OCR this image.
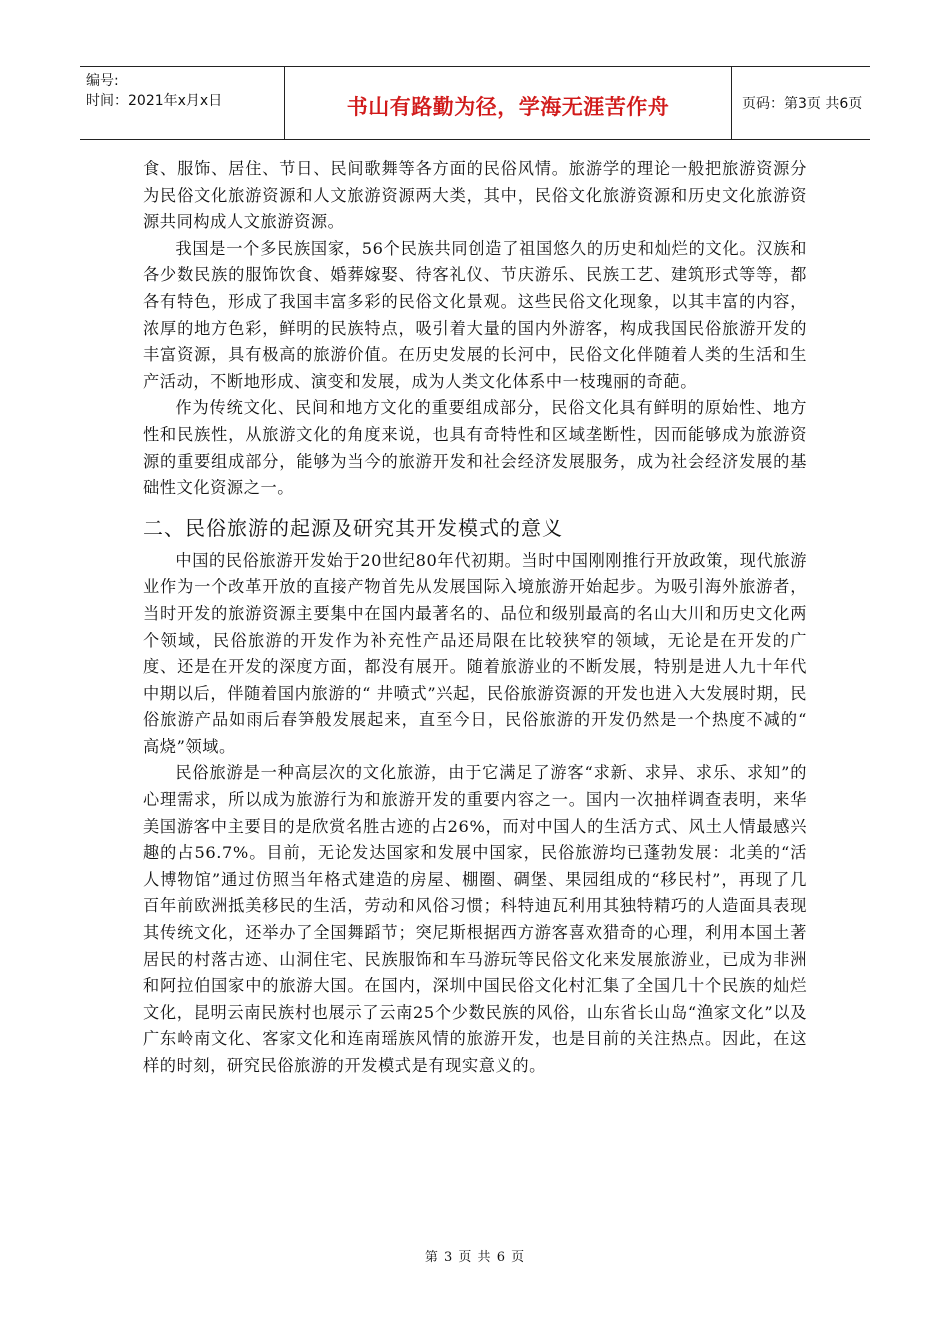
编号:
时间：2021年x月x日	书山有路勤为径，学海无涯苦作舟	页码：第3页 共6页

食、服饰、居住、节日、民间歌舞等各方面的民俗风情。旅游学的理论一般把旅游资源分为民俗文化旅游资源和人文旅游资源两大类，其中，民俗文化旅游资源和历史文化旅游资源共同构成人文旅游资源。

我国是一个多民族国家，56个民族共同创造了祖国悠久的历史和灿烂的文化。汉族和各少数民族的服饰饮食、婚葬嫁娶、待客礼仪、节庆游乐、民族工艺、建筑形式等等，都各有特色，形成了我国丰富多彩的民俗文化景观。这些民俗文化现象，以其丰富的内容，浓厚的地方色彩，鲜明的民族特点，吸引着大量的国内外游客，构成我国民俗旅游开发的丰富资源，具有极高的旅游价值。在历史发展的长河中，民俗文化伴随着人类的生活和生产活动，不断地形成、演变和发展，成为人类文化体系中一枝瑰丽的奇葩。

作为传统文化、民间和地方文化的重要组成部分，民俗文化具有鲜明的原始性、地方性和民族性，从旅游文化的角度来说，也具有奇特性和区域垄断性，因而能够成为旅游资源的重要组成部分，能够为当今的旅游开发和社会经济发展服务，成为社会经济发展的基础性文化资源之一。

二、民俗旅游的起源及研究其开发模式的意义

中国的民俗旅游开发始于20世纪80年代初期。当时中国刚刚推行开放政策，现代旅游业作为一个改革开放的直接产物首先从发展国际入境旅游开始起步。为吸引海外旅游者，当时开发的旅游资源主要集中在国内最著名的、品位和级别最高的名山大川和历史文化两个领域，民俗旅游的开发作为补充性产品还局限在比较狭窄的领域，无论是在开发的广度、还是在开发的深度方面，都没有展开。随着旅游业的不断发展，特别是进人九十年代中期以后，伴随着国内旅游的“ 井喷式”兴起，民俗旅游资源的开发也进入大发展时期，民俗旅游产品如雨后春笋般发展起来，直至今日，民俗旅游的开发仍然是一个热度不减的“ 高烧”领域。

民俗旅游是一种高层次的文化旅游，由于它满足了游客“求新、求异、求乐、求知”的心理需求，所以成为旅游行为和旅游开发的重要内容之一。国内一次抽样调查表明，来华美国游客中主要目的是欣赏名胜古迹的占26%，而对中国人的生活方式、风土人情最感兴趣的占56.7%。目前，无论发达国家和发展中国家，民俗旅游均已蓬勃发展：北美的“活人博物馆”通过仿照当年格式建造的房屋、棚圈、碉堡、果园组成的“移民村”，再现了几百年前欧洲抵美移民的生活，劳动和风俗习惯；科特迪瓦利用其独特精巧的人造面具表现其传统文化，还举办了全国舞蹈节；突尼斯根据西方游客喜欢猎奇的心理，利用本国土著居民的村落古迹、山洞住宅、民族服饰和车马游玩等民俗文化来发展旅游业，已成为非洲和阿拉伯国家中的旅游大国。在国内，深圳中国民俗文化村汇集了全国几十个民族的灿烂文化，昆明云南民族村也展示了云南25个少数民族的风俗，山东省长山岛“渔家文化”以及广东岭南文化、客家文化和连南瑶族风情的旅游开发，也是目前的关注热点。因此，在这样的时刻，研究民俗旅游的开发模式是有现实意义的。

第 3 页 共 6 页
